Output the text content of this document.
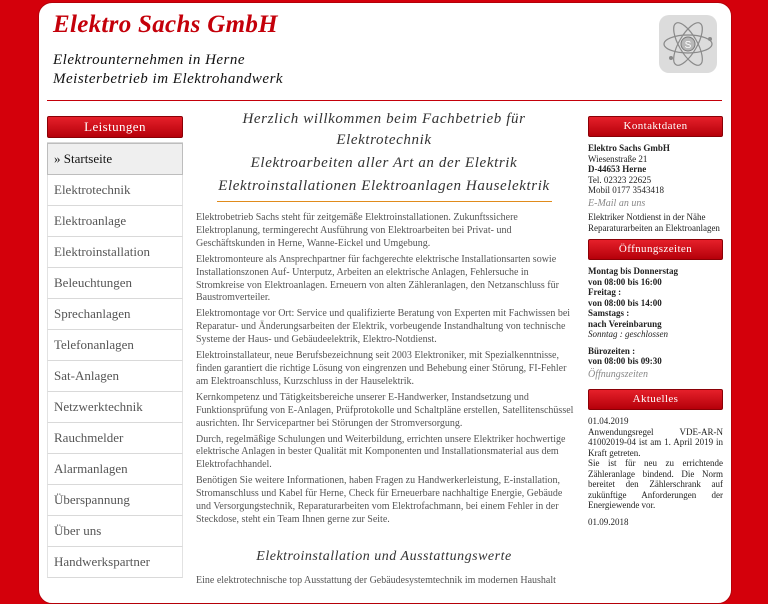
Elektro Sachs GmbH
Elektrounternehmen in Herne
Meisterbetrieb im Elektrohandwerk
S
Leistungen
» Startseite
Elektrotechnik
Elektroanlage
Elektroinstallation
Beleuchtungen
Sprechanlagen
Telefonanlagen
Sat-Anlagen
Netzwerktechnik
Rauchmelder
Alarmanlagen
Überspannung
Über uns
Handwerkspartner
Herzlich willkommen beim Fachbetrieb für Elektrotechnik
Elektroarbeiten aller Art an der Elektrik
Elektroinstallationen Elektroanlagen Hauselektrik

Elektrobetrieb Sachs steht für zeitgemäße Elektroinstallationen. Zukunftssichere Elektroplanung, termingerecht Ausführung von Elektroarbeiten bei Privat- und Geschäftskunden in Herne, Wanne-Eickel und Umgebung.

Elektromonteure als Ansprechpartner für fachgerechte elektrische Installationsarten sowie Installationszonen Auf- Unterputz, Arbeiten an elektrische Anlagen, Fehlersuche in Stromkreise von Elektroanlagen. Erneuern von alten Zähleranlagen, den Netzanschluss für Baustromverteiler.

Elektromontage vor Ort: Service und qualifizierte Beratung von Experten mit Fachwissen bei Reparatur- und Änderungsarbeiten der Elektrik, vorbeugende Instandhaltung von technische Systeme der Haus- und Gebäudeelektrik, Elektro-Notdienst.

Elektroinstallateur, neue Berufsbezeichnung seit 2003 Elektroniker, mit Spezialkenntnisse, finden garantiert die richtige Lösung von eingrenzen und Behebung einer Störung, FI-Fehler am Elektroanschluss, Kurzschluss in der Hauselektrik.

Kernkompetenz und Tätigkeitsbereiche unserer E-Handwerker, Instandsetzung und Funktionsprüfung von E-Anlagen, Prüfprotokolle und Schaltpläne erstellen, Satellitenschüssel ausrichten. Ihr Servicepartner bei Störungen der Stromversorgung.

Durch, regelmäßige Schulungen und Weiterbildung, errichten unsere Elektriker hochwertige elektrische Anlagen in bester Qualität mit Komponenten und Installationsmaterial aus dem Elektrofachhandel.

Benötigen Sie weitere Informationen, haben Fragen zu Handwerkerleistung, E-installation, Stromanschluss und Kabel für Herne, Check für Erneuerbare nachhaltige Energie, Gebäude und Versorgungstechnik, Reparaturarbeiten vom Elektrofachmann, bei einem Fehler in der Steckdose, steht ein Team Ihnen gerne zur Seite.

Elektroinstallation und Ausstattungswerte

Eine elektrotechnische top Ausstattung der Gebäudesystemtechnik im modernen Haushalt

Kontaktdaten
Elektro Sachs GmbH
Wiesenstraße 21
D-44653 Herne
Tel. 02323 22625
Mobil 0177 3543418
E-Mail an uns
Elektriker Notdienst in der Nähe
Reparaturarbeiten an Elektroanlagen
Öffnungszeiten
Montag bis Donnerstag
von 08:00 bis 16:00
Freitag :
von 08:00 bis 14:00
Samstags :
nach Vereinbarung
Sonntag : geschlossen
Bürozeiten :
von 08:00 bis 09:30
Öffnungszeiten
Aktuelles
01.04.2019
Anwendungsregel VDE-AR-N 41002019-04 ist am 1. April 2019 in Kraft getreten.
Sie ist für neu zu errichtende Zähleranlage bindend. Die Norm bereitet den Zählerschrank auf zukünftige Anforderungen der Energiewende vor.
01.09.2018
